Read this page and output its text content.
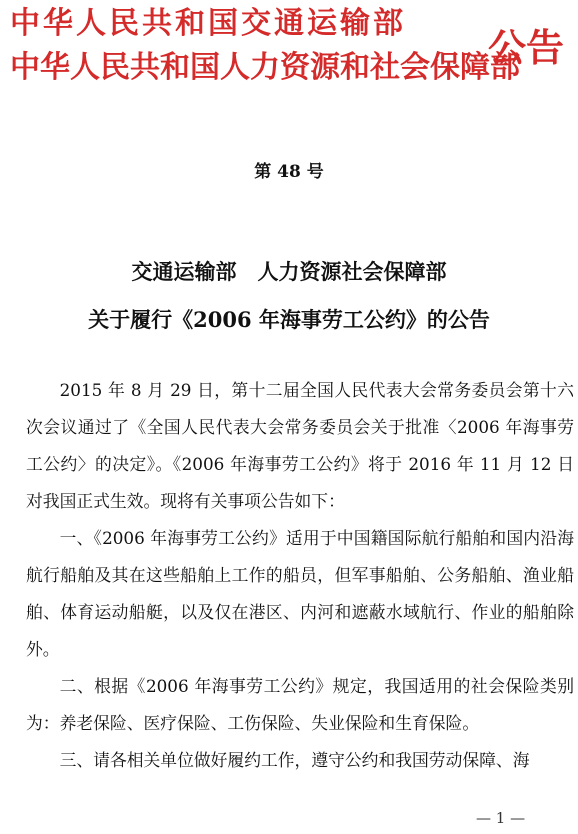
中华人民共和国交通运输部
中华人民共和国人力资源和社会保障部
公告
第 48 号
交通运输部　人力资源社会保障部
关于履行《2006 年海事劳工公约》的公告

2015 年 8 月 29 日，第十二届全国人民代表大会常务委员会第十六次会议通过了《全国人民代表大会常务委员会关于批准〈2006 年海事劳工公约〉的决定》。《2006 年海事劳工公约》将于 2016 年 11 月 12 日对我国正式生效。现将有关事项公告如下：

一、《2006 年海事劳工公约》适用于中国籍国际航行船舶和国内沿海航行船舶及其在这些船舶上工作的船员，但军事船舶、公务船舶、渔业船舶、体育运动船艇，以及仅在港区、内河和遮蔽水域航行、作业的船舶除外。

二、根据《2006 年海事劳工公约》规定，我国适用的社会保险类别为：养老保险、医疗保险、工伤保险、失业保险和生育保险。

三、请各相关单位做好履约工作，遵守公约和我国劳动保障、海

— 1 —
